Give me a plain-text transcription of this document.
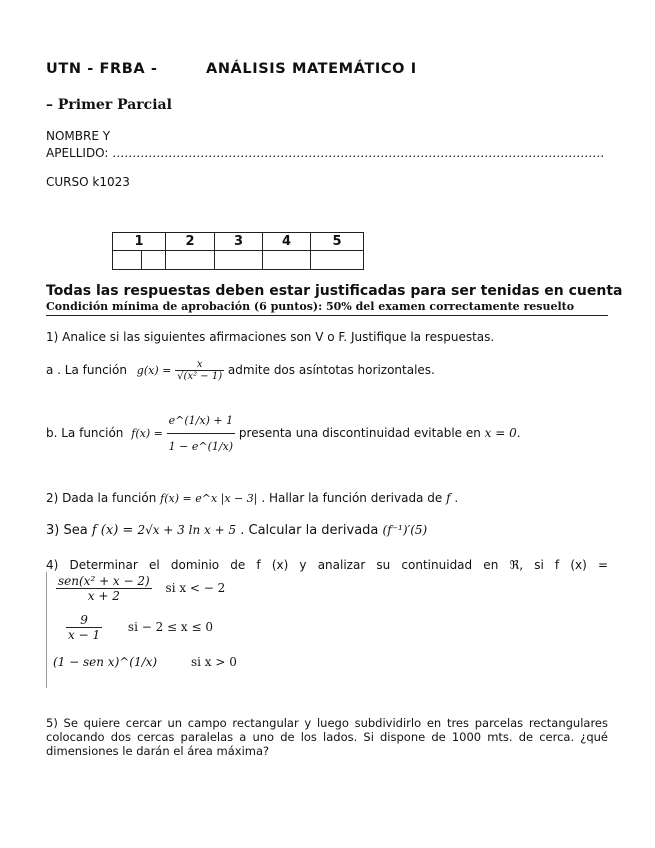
UTN - FRBA -	ANÁLISIS MATEMÁTICO I
– Primer Parcial
NOMBRE Y
APELLIDO: ……………………………………………………………………………………………………………
CURSO k1023
1	2	3	4	5

Todas las respuestas deben estar justificadas para ser tenidas en cuenta
Condición mínima de aprobación (6 puntos): 50% del examen correctamente resuelto
1) Analice si las siguientes afirmaciones son V o F. Justifique la respuestas.
a . La función $g(x) = \frac{x}{\text{√(x² − 1)}}$ admite dos asíntotas horizontales.
b. La función $f(x) = \frac{e\^{}(1/x) + 1}{1 - e\^{}(1/x)}$ presenta una discontinuidad evitable en x = 0.
2) Dada la función f(x) = e^x |x − 3| . Hallar la función derivada de f .
3) Sea f (x) = 2√x + 3 ln x + 5 . Calcular la derivada (f⁻¹)′(5)
4) Determinar el dominio de f (x) y analizar su continuidad en ℜ, si f (x) =
$\frac{\text{sen(x² + x − 2)}}{x + 2}$ si x < − 2
$\frac{9}{x - 1}$ si − 2 ≤ x ≤ 0
(1 − sen x)^(1/x)	si x > 0
5) Se quiere cercar un campo rectangular y luego subdividirlo en tres parcelas rectangulares colocando dos cercas paralelas a uno de los lados. Si dispone de 1000 mts. de cerca. ¿qué dimensiones le darán el área máxima?
